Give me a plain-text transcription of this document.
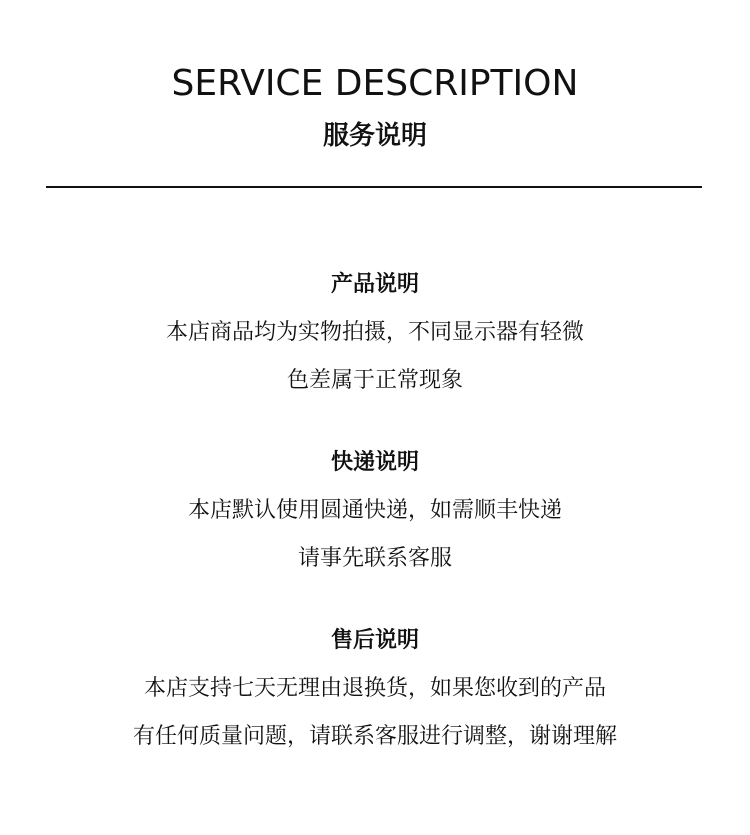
SERVICE DESCRIPTION
服务说明
产品说明
本店商品均为实物拍摄，不同显示器有轻微
色差属于正常现象
快递说明
本店默认使用圆通快递，如需顺丰快递
请事先联系客服
售后说明
本店支持七天无理由退换货，如果您收到的产品
有任何质量问题，请联系客服进行调整，谢谢理解
